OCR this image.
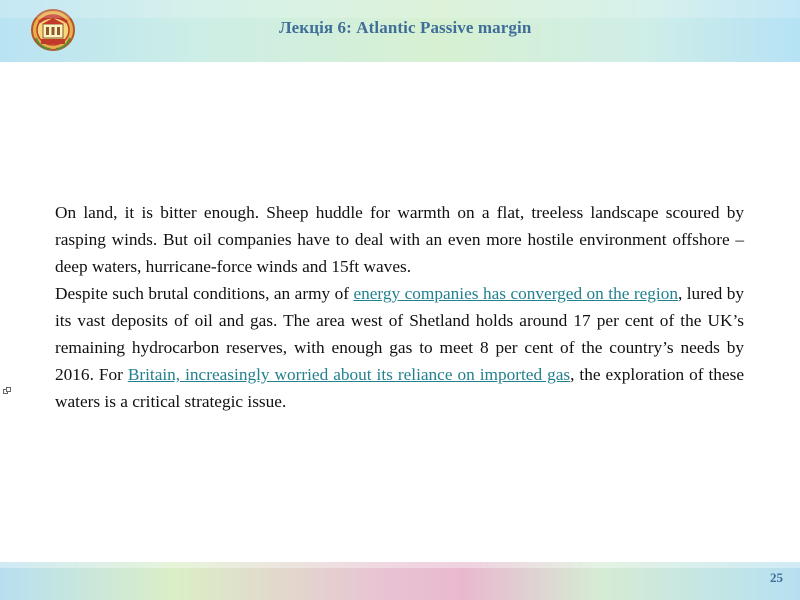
Лекція 6: Atlantic Passive margin

On land, it is bitter enough. Sheep huddle for warmth on a flat, treeless landscape scoured by rasping winds. But oil companies have to deal with an even more hostile environment offshore – deep waters, hurricane-force winds and 15ft waves.

Despite such brutal conditions, an army of energy companies has converged on the region, lured by its vast deposits of oil and gas. The area west of Shetland holds around 17 per cent of the UK’s remaining hydrocarbon reserves, with enough gas to meet 8 per cent of the country’s needs by 2016. For Britain, increasingly worried about its reliance on imported gas, the exploration of these waters is a critical strategic issue.

25
